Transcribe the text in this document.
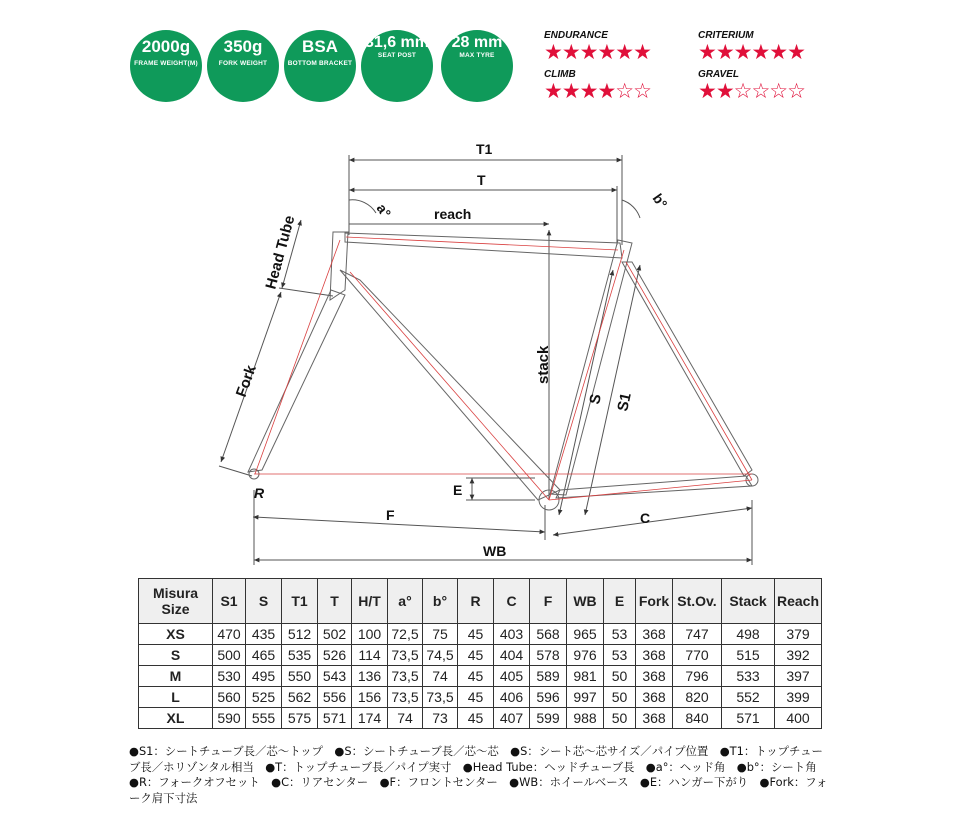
2000g
FRAME WEIGHT(M)
350g
FORK WEIGHT
BSA
BOTTOM BRACKET
31,6 mm
SEAT POST
28 mm
MAX TYRE
ENDURANCE
★★★★★★
CRITERIUM
★★★★★★
CLIMB
★★★★☆☆
GRAVEL
★★☆☆☆☆
T1
T
reach
a°	b°
Head Tube
Fork	stack
S S1
E
R
F	C
WB
Misura Size	S1	S	T1	T	H/T	a°	b°	R	C	F	WB	E	Fork	St.Ov.	Stack	Reach
XS	470	435	512	502	100	72,5	75	45	403	568	965	53	368	747	498	379
S	500	465	535	526	114	73,5	74,5	45	404	578	976	53	368	770	515	392
M	530	495	550	543	136	73,5	74	45	405	589	981	50	368	796	533	397
L	560	525	562	556	156	73,5	73,5	45	406	596	997	50	368	820	552	399
XL	590	555	575	571	174	74	73	45	407	599	988	50	368	840	571	400
●S1：シートチューブ長／芯～トップ　●S：シートチューブ長／芯～芯　●S：シート芯～芯サイズ／パイプ位置　●T1：トップチューブ長／ホリゾンタル相当　●T：トップチューブ長／パイプ実寸　●Head Tube：ヘッドチューブ長　●a°：ヘッド角　●b°：シート角　●R：フォークオフセット　●C：リアセンター　●F：フロントセンター　●WB：ホイールベース　●E：ハンガー下がり　●Fork：フォーク肩下寸法
